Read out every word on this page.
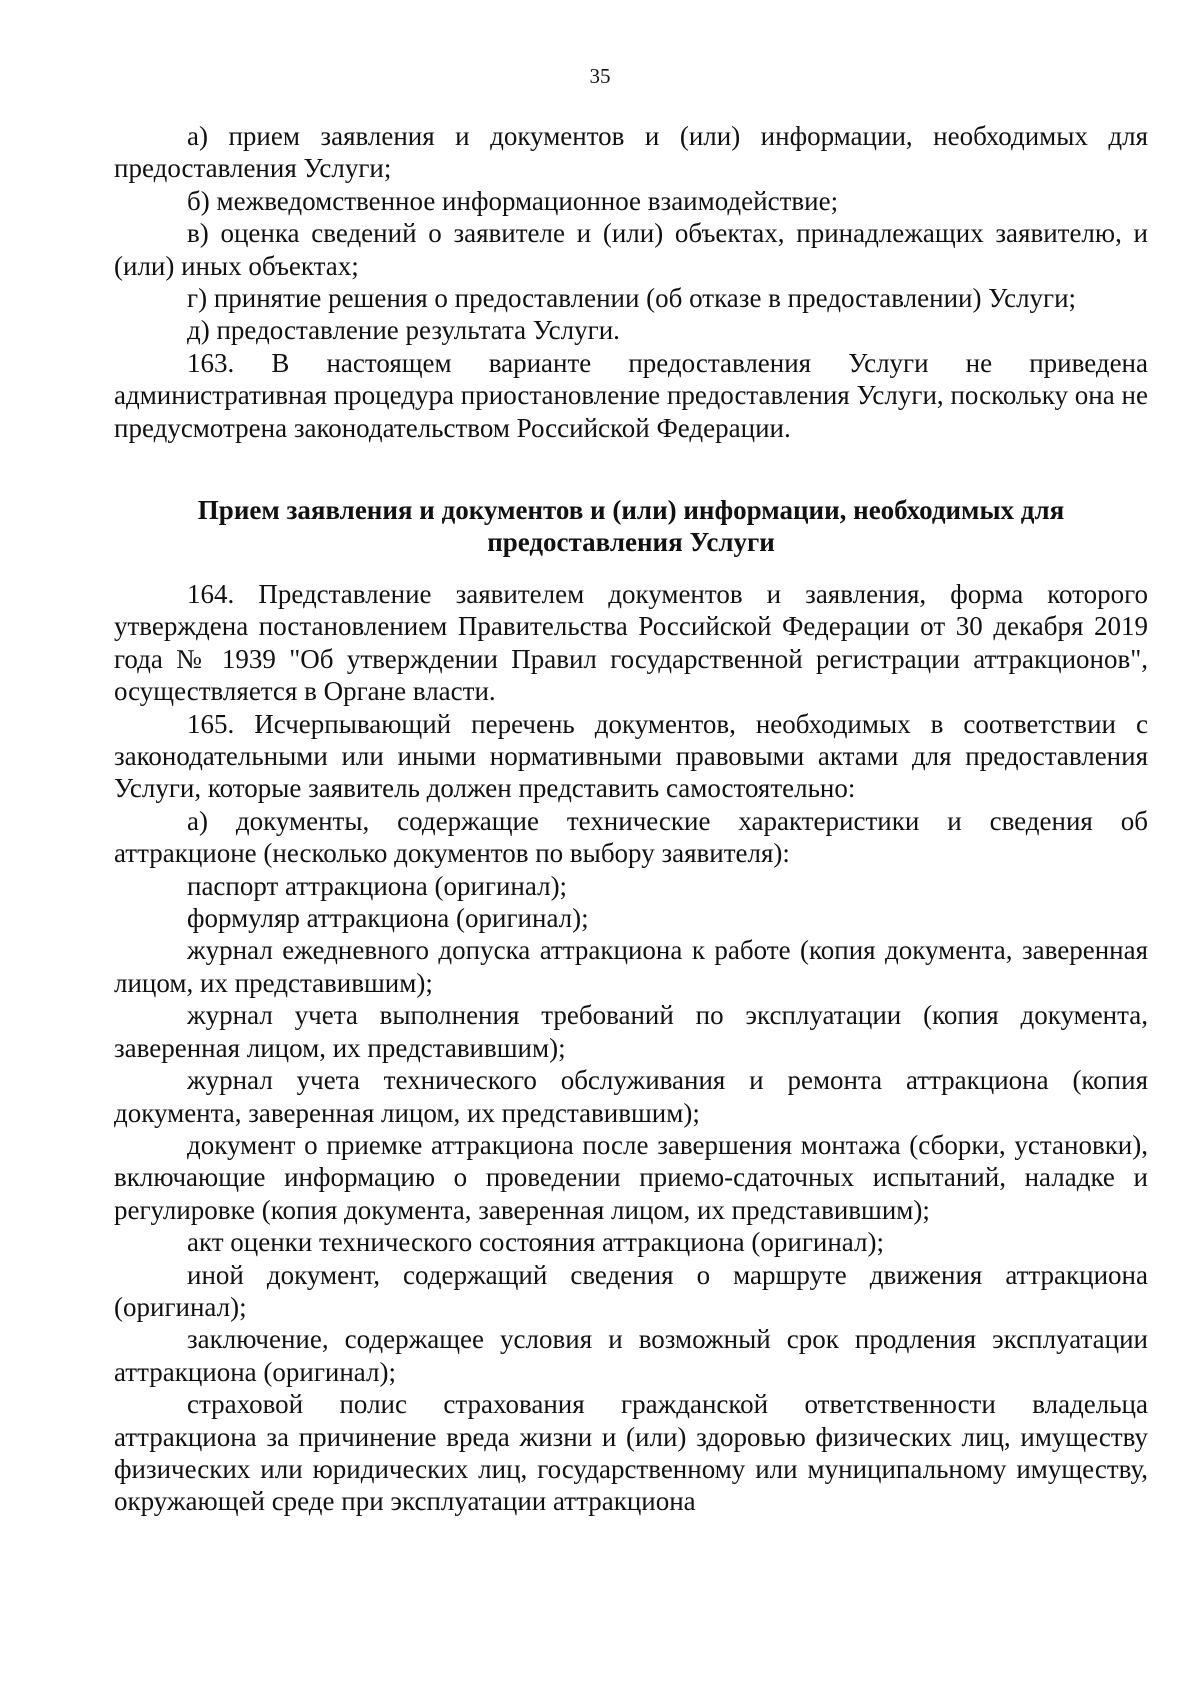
35

а) прием заявления и документов и (или) информации, необходимых для предоставления Услуги;

б) межведомственное информационное взаимодействие;

в) оценка сведений о заявителе и (или) объектах, принадлежащих заявителю, и (или) иных объектах;

г) принятие решения о предоставлении (об отказе в предоставлении) Услуги;

д) предоставление результата Услуги.

163. В настоящем варианте предоставления Услуги не приведена административная процедура приостановление предоставления Услуги, поскольку она не предусмотрена законодательством Российской Федерации.

Прием заявления и документов и (или) информации, необходимых для предоставления Услуги

164. Представление заявителем документов и заявления, форма которого утверждена постановлением Правительства Российской Федерации от 30 декабря 2019 года № 1939 "Об утверждении Правил государственной регистрации аттракционов", осуществляется в Органе власти.

165. Исчерпывающий перечень документов, необходимых в соответствии с законодательными или иными нормативными правовыми актами для предоставления Услуги, которые заявитель должен представить самостоятельно:

а) документы, содержащие технические характеристики и сведения об аттракционе (несколько документов по выбору заявителя):

паспорт аттракциона (оригинал);

формуляр аттракциона (оригинал);

журнал ежедневного допуска аттракциона к работе (копия документа, заверенная лицом, их представившим);

журнал учета выполнения требований по эксплуатации (копия документа, заверенная лицом, их представившим);

журнал учета технического обслуживания и ремонта аттракциона (копия документа, заверенная лицом, их представившим);

документ о приемке аттракциона после завершения монтажа (сборки, установки), включающие информацию о проведении приемо-сдаточных испытаний, наладке и регулировке (копия документа, заверенная лицом, их представившим);

акт оценки технического состояния аттракциона (оригинал);

иной документ, содержащий сведения о маршруте движения аттракциона (оригинал);

заключение, содержащее условия и возможный срок продления эксплуатации аттракциона (оригинал);

страховой полис страхования гражданской ответственности владельца аттракциона за причинение вреда жизни и (или) здоровью физических лиц, имуществу физических или юридических лиц, государственному или муниципальному имуществу, окружающей среде при эксплуатации аттракциона
